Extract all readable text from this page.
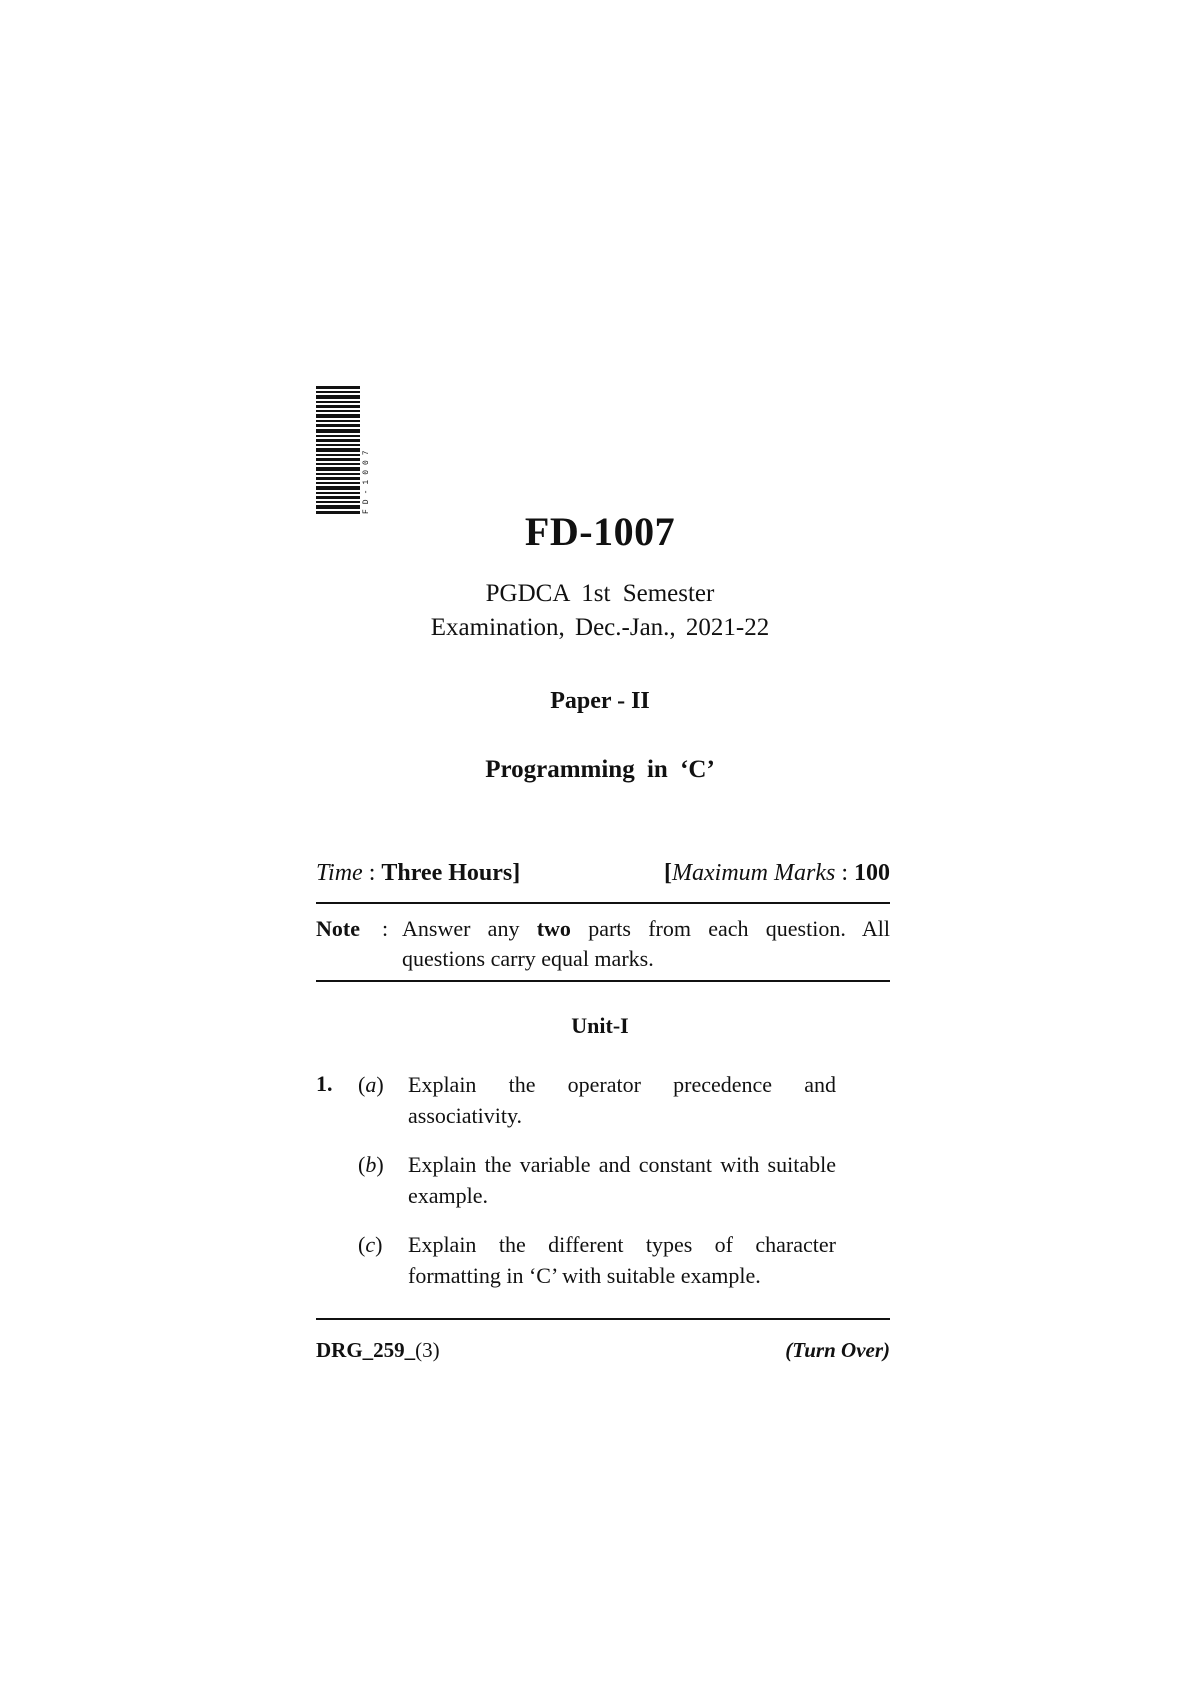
FD-1007
FD-1007
PGDCA 1st Semester
Examination, Dec.-Jan., 2021-22
Paper - II
Programming in ‘C’
Time : Three Hours]	[Maximum Marks : 100
Note : Answer any two parts from each question. All questions carry equal marks.
Unit-I
1. (a) Explain the operator precedence and associativity.
(b) Explain the variable and constant with suitable example.
(c) Explain the different types of character formatting in ‘C’ with suitable example.
DRG_259_(3)	(Turn Over)
